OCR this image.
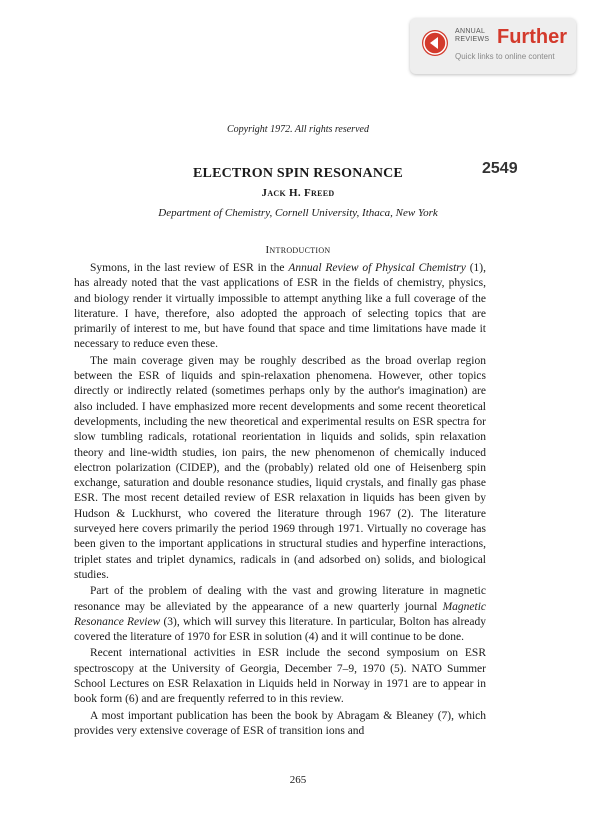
ANNUAL
REVIEWS Further
Quick links to online content
Copyright 1972. All rights reserved
ELECTRON SPIN RESONANCE	2549
Jack H. Freed
Department of Chemistry, Cornell University, Ithaca, New York
Introduction

Symons, in the last review of ESR in the Annual Review of Physical Chemistry (1), has already noted that the vast applications of ESR in the fields of chemistry, physics, and biology render it virtually impossible to attempt anything like a full coverage of the literature. I have, therefore, also adopted the approach of selecting topics that are primarily of interest to me, but have found that space and time limitations have made it necessary to reduce even these.

The main coverage given may be roughly described as the broad overlap region between the ESR of liquids and spin-relaxation phenomena. However, other topics directly or indirectly related (sometimes perhaps only by the author's imagination) are also included. I have emphasized more recent developments and some recent theoretical developments, including the new theoretical and experimental results on ESR spectra for slow tumbling radicals, rotational reorientation in liquids and solids, spin relaxation theory and line-width studies, ion pairs, the new phenomenon of chemically induced electron polarization (CIDEP), and the (probably) related old one of Heisenberg spin exchange, saturation and double resonance studies, liquid crystals, and finally gas phase ESR. The most recent detailed review of ESR relaxation in liquids has been given by Hudson & Luckhurst, who covered the literature through 1967 (2). The literature surveyed here covers primarily the period 1969 through 1971. Virtually no coverage has been given to the important applications in structural studies and hyperfine interactions, triplet states and triplet dynamics, radicals in (and adsorbed on) solids, and biological studies.

Part of the problem of dealing with the vast and growing literature in magnetic resonance may be alleviated by the appearance of a new quarterly journal Magnetic Resonance Review (3), which will survey this literature. In particular, Bolton has already covered the literature of 1970 for ESR in solution (4) and it will continue to be done.

Recent international activities in ESR include the second symposium on ESR spectroscopy at the University of Georgia, December 7–9, 1970 (5). NATO Summer School Lectures on ESR Relaxation in Liquids held in Norway in 1971 are to appear in book form (6) and are frequently referred to in this review.

A most important publication has been the book by Abragam & Bleaney (7), which provides very extensive coverage of ESR of transition ions and

265
